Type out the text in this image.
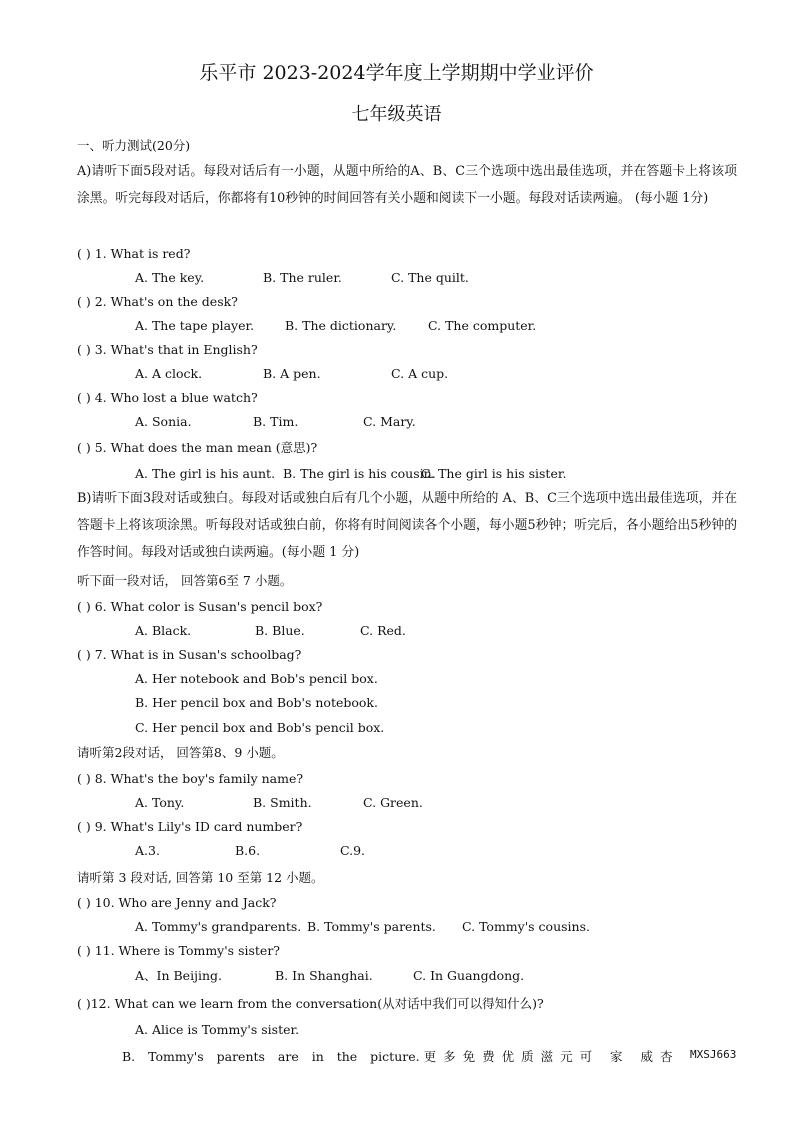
乐平市 2023-2024学年度上学期期中学业评价
七年级英语
一、听力测试(20分)
A)请听下面5段对话。每段对话后有一小题，从题中所给的A、B、C三个选项中选出最佳选项，并在答题卡上将该项涂黑。听完每段对话后，你都将有10秒钟的时间回答有关小题和阅读下一小题。每段对话读两遍。 (每小题 1分)
( ) 1. What is red?
A. The key.	B. The ruler.	C. The quilt.
( ) 2. What's on the desk?
A. The tape player. B. The dictionary.	C. The computer.
( ) 3. What's that in English?
A. A clock.	B. A pen.	C. A cup.
( ) 4. Who lost a blue watch?
A. Sonia.	B. Tim.	C. Mary.
( ) 5. What does the man mean (意思)?
A. The girl is his aunt. B. The girl is his cousin.C. The girl is his sister.
B)请听下面3段对话或独白。每段对话或独白后有几个小题，从题中所给的 A、B、C三个选项中选出最佳选项，并在答题卡上将该项涂黑。听每段对话或独白前，你将有时间阅读各个小题，每小题5秒钟；听完后，各小题给出5秒钟的作答时间。每段对话或独白读两遍。(每小题 1 分)
听下面一段对话， 回答第6至 7 小题。
( ) 6. What color is Susan's pencil box?
A. Black.	B. Blue.	C. Red.
( ) 7. What is in Susan's schoolbag?
A. Her notebook and Bob's pencil box.
B. Her pencil box and Bob's notebook.
C. Her pencil box and Bob's pencil box.
请听第2段对话， 回答第8、9 小题。
( ) 8. What's the boy's family name?
A. Tony.	B. Smith.	C. Green.
( ) 9. What's Lily's ID card number?
A.3.	B.6.	C.9.
请听第 3 段对话, 回答第 10 至第 12 小题。
( ) 10. Who are Jenny and Jack?
A. Tommy's grandparents. B. Tommy's parents. C. Tommy's cousins.
( ) 11. Where is Tommy's sister?
A、In Beijing.	B. In Shanghai.	C. In Guangdong.
( )12. What can we learn from the conversation(从对话中我们可以得知什么)?
A. Alice is Tommy's sister.
B. Tommy's parents are in the picture. 更多免费优质滋元可 家 威杏 MXSJ663
